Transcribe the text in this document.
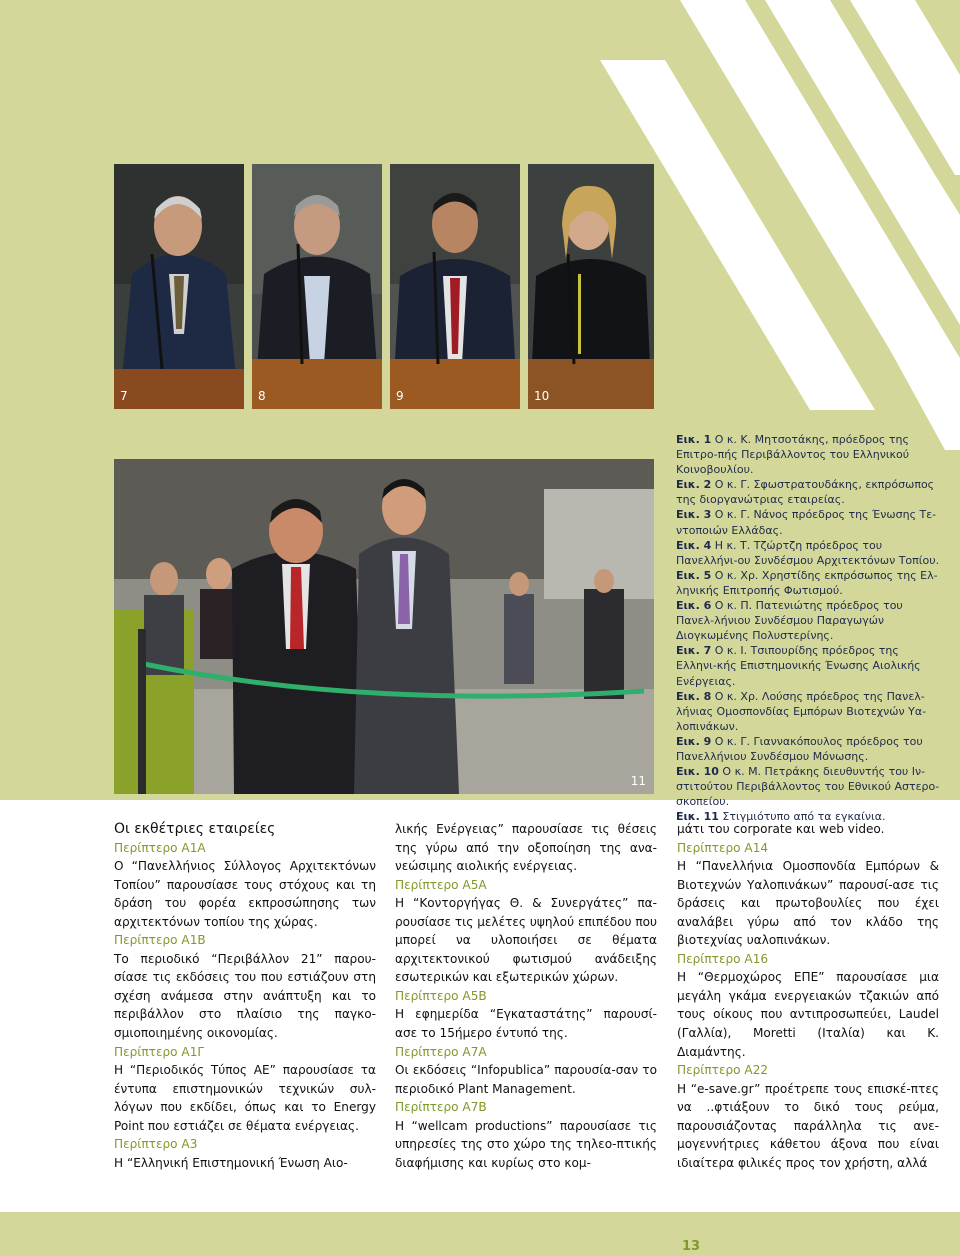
7	8	9	10
11

Εικ. 1 Ο κ. Κ. Μητσοτάκης, πρόεδρος της Επιτρο-πής Περιβάλλοντος του Ελληνικού Κοινοβουλίου.

Εικ. 2 Ο κ. Γ. Σφωστρατουδάκης, εκπρόσωπος της διοργανώτριας εταιρείας.

Εικ. 3 Ο κ. Γ. Νάνος πρόεδρος της Ένωσης Τε-ντοποιών Ελλάδας.

Εικ. 4 Η κ. Τ. Τζώρτζη πρόεδρος του Πανελλήνι-ου Συνδέσμου Αρχιτεκτόνων Τοπίου.

Εικ. 5 Ο κ. Χρ. Χρηστίδης εκπρόσωπος της Ελ-ληνικής Επιτροπής Φωτισμού.

Εικ. 6 Ο κ. Π. Πατενιώτης πρόεδρος του Πανελ-λήνιου Συνδέσμου Παραγωγών Διογκωμένης Πολυστερίνης.

Εικ. 7 Ο κ. Ι. Τσιπουρίδης πρόεδρος της Ελληνι-κής Επιστημονικής Ένωσης Αιολικής Ενέργειας.

Εικ. 8 Ο κ. Χρ. Λούσης πρόεδρος της Πανελ-λήνιας Ομοσπονδίας Εμπόρων Βιοτεχνών Υα-λοπινάκων.

Εικ. 9 Ο κ. Γ. Γιαννακόπουλος πρόεδρος του Πανελλήνιου Συνδέσμου Μόνωσης.

Εικ. 10 Ο κ. Μ. Πετράκης διευθυντής του Ιν-στιτούτου Περιβάλλοντος του Εθνικού Αστερο-σκοπείου.

Εικ. 11 Στιγμιότυπο από τα εγκαίνια.

Οι εκθέτριες εταιρείες

Περίπτερο Α1Α

Ο “Πανελλήνιος Σύλλογος Αρχιτεκτόνων Τοπίου” παρουσίασε τους στόχους και τη δράση του φορέα εκπροσώπησης των αρχιτεκτόνων τοπίου της χώρας.

Περίπτερο Α1Β

Το περιοδικό “Περιβάλλον 21” παρου-σίασε τις εκδόσεις του που εστιάζουν στη σχέση ανάμεσα στην ανάπτυξη και το περιβάλλον στο πλαίσιο της παγκο-σμιοποιημένης οικονομίας.

Περίπτερο Α1Γ

Η “Περιοδικός Τύπος ΑΕ” παρουσίασε τα έντυπα επιστημονικών τεχνικών συλ-λόγων που εκδίδει, όπως και το Energy Point που εστιάζει σε θέματα ενέργειας.

Περίπτερο Α3

Η “Ελληνική Επιστημονική Ένωση Αιο-

λικής Ενέργειας” παρουσίασε τις θέσεις της γύρω από την οξοποίηση της ανα-νεώσιμης αιολικής ενέργειας.

Περίπτερο Α5Α

Η “Κοντοργήγας Θ. & Συνεργάτες” πα-ρουσίασε τις μελέτες υψηλού επιπέδου που μπορεί να υλοποιήσει σε θέματα αρχιτεκτονικού φωτισμού ανάδειξης εσωτερικών και εξωτερικών χώρων.

Περίπτερο Α5Β

Η εφημερίδα “Εγκαταστάτης” παρουσί-ασε το 15ήμερο έντυπό της.

Περίπτερο Α7Α

Οι εκδόσεις “Infopublica” παρουσία-σαν το περιοδικό Plant Management.

Περίπτερο Α7Β

Η “wellcam productions” παρουσίασε τις υπηρεσίες της στο χώρο της τηλεο-πτικής διαφήμισης και κυρίως στο κομ-

μάτι του corporate και web video.

Περίπτερο Α14

Η “Πανελλήνια Ομοσπονδία Εμπόρων & Βιοτεχνών Υαλοπινάκων” παρουσί-ασε τις δράσεις και πρωτοβουλίες που έχει αναλάβει γύρω από τον κλάδο της βιοτεχνίας υαλοπινάκων.

Περίπτερο Α16

Η “Θερμοχώρος ΕΠΕ” παρουσίασε μια μεγάλη γκάμα ενεργειακών τζακιών από τους οίκους που αντιπροσωπεύει, Laudel (Γαλλία), Moretti (Ιταλία) και Κ. Διαμάντης.

Περίπτερο Α22

Η “e-save.gr” προέτρεπε τους επισκέ-πτες να ..φτιάξουν το δικό τους ρεύμα, παρουσιάζοντας παράλληλα τις ανε-μογεννήτριες κάθετου άξονα που είναι ιδιαίτερα φιλικές προς τον χρήστη, αλλά

13
